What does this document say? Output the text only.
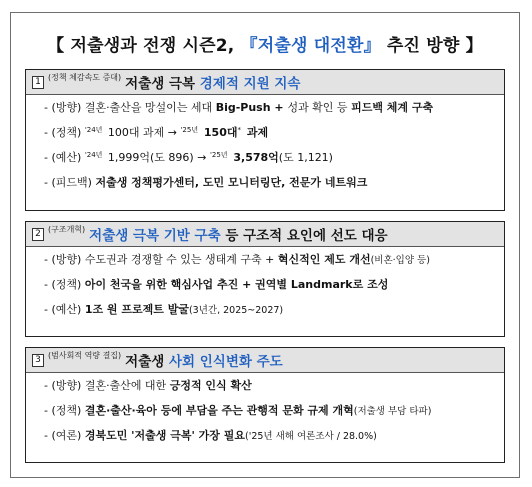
【 저출생과 전쟁 시즌2, 『저출생 대전환』 추진 방향 】
1 (정책 체감속도 증대) 저출생 극복 경제적 지원 지속
- (방향) 결혼·출산을 망설이는 세대 Big-Push + 성과 확인 등 피드백 체계 구축
- (정책) $^{'24년}$ 100대 과제 → $^{'25년}$ 150대* 과제
- (예산) $^{'24년}$ 1,999억(도 896) → $^{'25년}$ 3,578억(도 1,121)
- (피드백) 저출생 정책평가센터, 도민 모니터링단, 전문가 네트워크
2 (구조개혁) 저출생 극복 기반 구축 등 구조적 요인에 선도 대응
- (방향) 수도권과 경쟁할 수 있는 생태계 구축 + 혁신적인 제도 개선(비혼·입양 등)
- (정책) 아이 천국을 위한 핵심사업 추진 + 권역별 Landmark로 조성
- (예산) 1조 원 프로젝트 발굴(3년간, 2025~2027)
3 (범사회적 역량 결집) 저출생 사회 인식변화 주도
- (방향) 결혼·출산에 대한 긍정적 인식 확산
- (정책) 결혼·출산·육아 등에 부담을 주는 관행적 문화 규제 개혁(저출생 부담 타파)
- (여론) 경북도민 '저출생 극복' 가장 필요('25년 새해 여론조사 / 28.0%)
